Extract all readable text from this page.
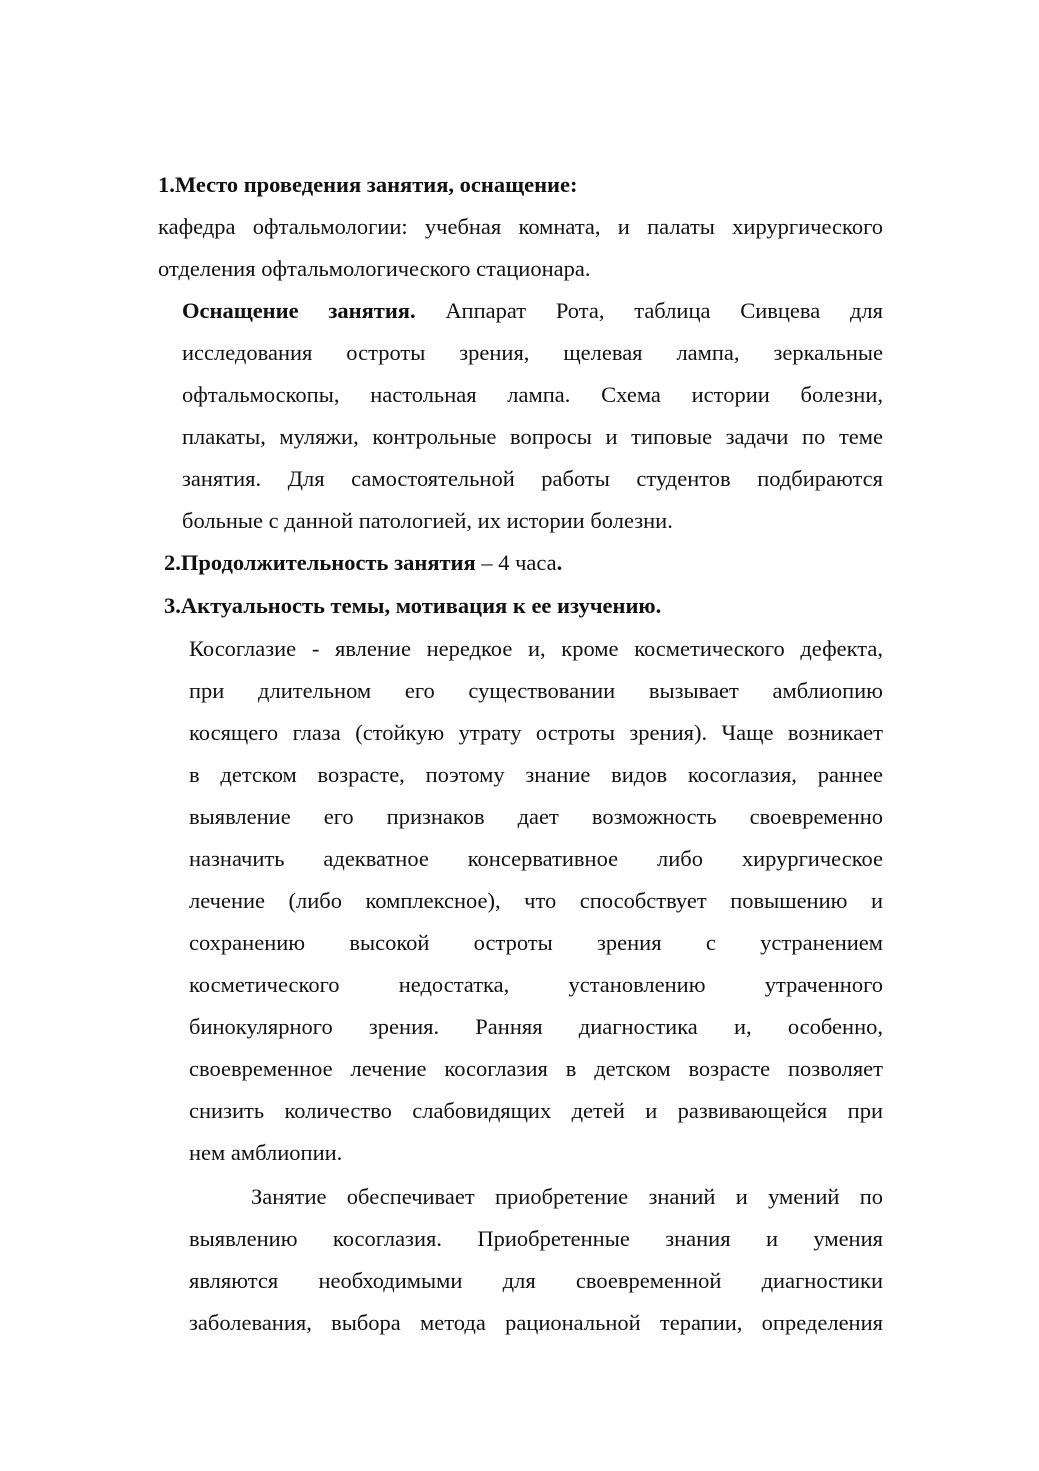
1.Место проведения занятия, оснащение:
кафедра офтальмологии: учебная комната, и палаты хирургического
отделения офтальмологического стационара.
Оснащение занятия. Аппарат Рота, таблица Сивцева для
исследования остроты зрения, щелевая лампа, зеркальные
офтальмоскопы, настольная лампа. Схема истории болезни,
плакаты, муляжи, контрольные вопросы и типовые задачи по теме
занятия. Для самостоятельной работы студентов подбираются
больные с данной патологией, их истории болезни.
2.Продолжительность занятия – 4 часа.
3.Актуальность темы, мотивация к ее изучению.
Косоглазие - явление нередкое и, кроме косметического дефекта,
при длительном его существовании вызывает амблиопию
косящего глаза (стойкую утрату остроты зрения). Чаще возникает
в детском возрасте, поэтому знание видов косоглазия, раннее
выявление его признаков дает возможность своевременно
назначить адекватное консервативное либо хирургическое
лечение (либо комплексное), что способствует повышению и
сохранению высокой остроты зрения с устранением
косметического недостатка, установлению утраченного
бинокулярного зрения. Ранняя диагностика и, особенно,
своевременное лечение косоглазия в детском возрасте позволяет
снизить количество слабовидящих детей и развивающейся при
нем амблиопии.
Занятие обеспечивает приобретение знаний и умений по
выявлению косоглазия. Приобретенные знания и умения
являются необходимыми для своевременной диагностики
заболевания, выбора метода рациональной терапии, определения
